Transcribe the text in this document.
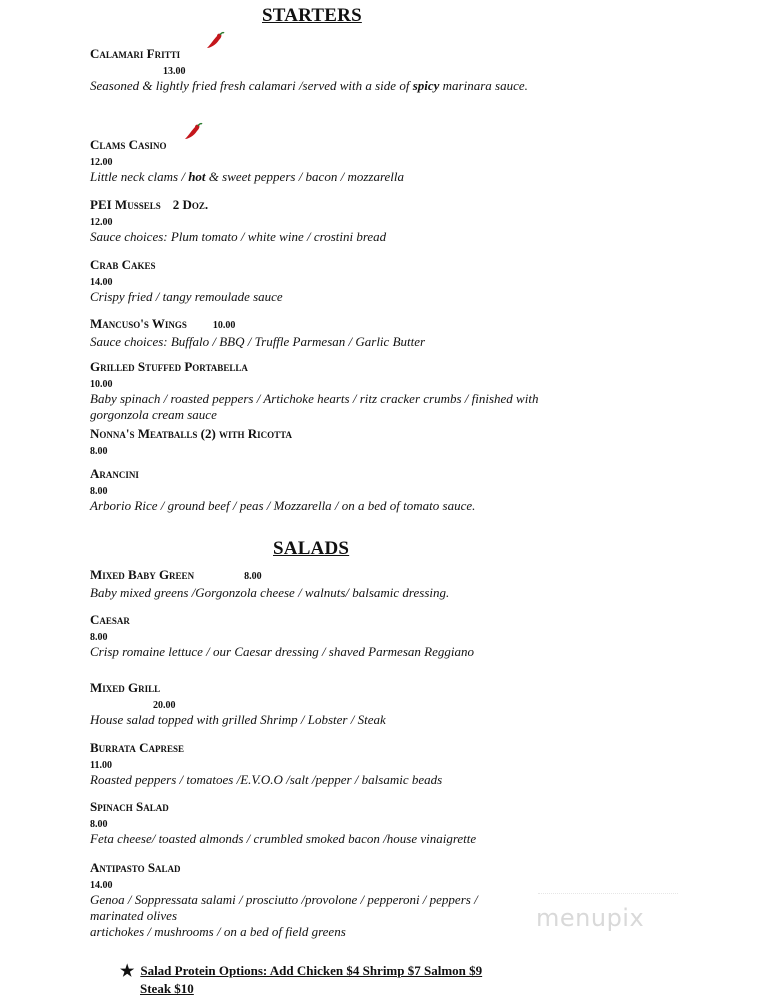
STARTERS
Calamari Fritti
13.00
Seasoned & lightly fried fresh calamari /served with a side of spicy marinara sauce.
Clams Casino
12.00
Little neck clams / hot & sweet peppers / bacon / mozzarella
PEI Mussels 2 Doz.
12.00
Sauce choices: Plum tomato / white wine / crostini bread
Crab Cakes
14.00
Crispy fried / tangy remoulade sauce
Mancuso's Wings	10.00
Sauce choices: Buffalo / BBQ / Truffle Parmesan / Garlic Butter
Grilled Stuffed Portabella
10.00
Baby spinach / roasted peppers / Artichoke hearts / ritz cracker crumbs / finished with gorgonzola cream sauce
Nonna's Meatballs (2) with Ricotta
8.00
Arancini
8.00
Arborio Rice / ground beef / peas / Mozzarella / on a bed of tomato sauce.
SALADS
Mixed Baby Green	8.00
Baby mixed greens /Gorgonzola cheese / walnuts/ balsamic dressing.
Caesar
8.00
Crisp romaine lettuce / our Caesar dressing / shaved Parmesan Reggiano
Mixed Grill
20.00
House salad topped with grilled Shrimp / Lobster / Steak
Burrata Caprese
11.00
Roasted peppers / tomatoes /E.V.O.O /salt /pepper / balsamic beads
Spinach Salad
8.00
Feta cheese/ toasted almonds / crumbled smoked bacon /house vinaigrette
Antipasto Salad
14.00
Genoa / Soppressata salami / prosciutto /provolone / pepperoni / peppers / marinated olives
artichokes / mushrooms / on a bed of field greens	menupix
★ Salad Protein Options: Add Chicken $4 Shrimp $7 Salmon $9
Steak $10
